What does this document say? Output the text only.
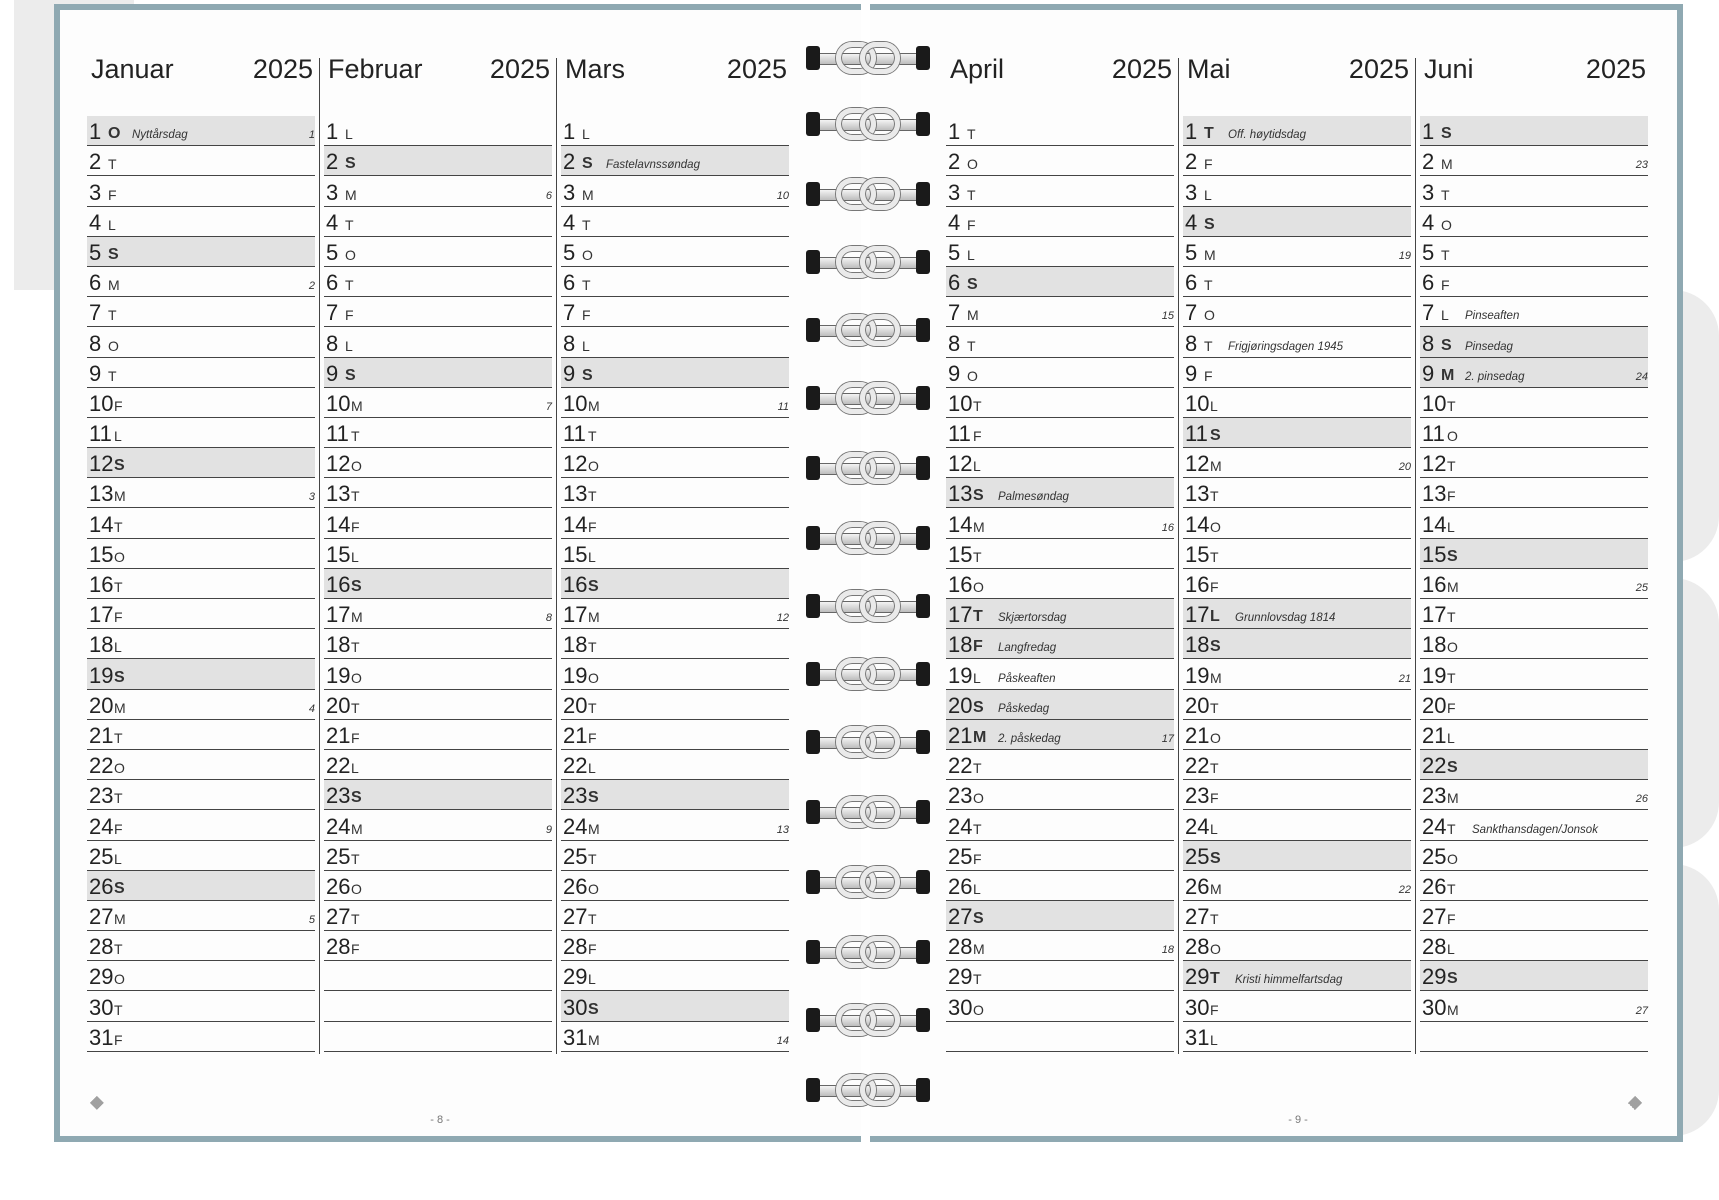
- 8 -	- 9 -
Januar	2025
1 O Nyttårsdag	1
2 T
3 F
4 L
5 S
6 M	2
7 T
8 O
9 T
10 F
11 L
12 S
13 M	3
14 T
15 O
16 T
17 F
18 L
19 S
20 M	4
21 T
22 O
23 T
24 F
25 L
26 S
27 M	5
28 T
29 O
30 T
31 F
Februar 2025
1 L
2 S
3 M	6
4 T
5 O
6 T
7 F
8 L
9 S
10 M	7
11 T
12 O
13 T
14 F
15 L
16 S
17 M	8
18 T
19 O
20 T
21 F
22 L
23 S
24 M	9
25 T
26 O
27 T
28 F
Mars	2025
1 L
2 S Fastelavnssøndag
3 M	10
4 T
5 O
6 T
7 F
8 L
9 S
10 M	11
11 T
12 O
13 T
14 F
15 L
16 S
17 M	12
18 T
19 O
20 T
21 F
22 L
23 S
24 M	13
25 T
26 O
27 T
28 F
29 L
30 S
31 M	14
April	2025
1 T
2 O
3 T
4 F
5 L
6 S
7 M	15
8 T
9 O
10 T
11 F
12 L
13 S Palmesøndag
14 M	16
15 T
16 O
17 T Skjærtorsdag
18 F Langfredag
19 L Påskeaften
20 S Påskedag
21 M 2. påskedag	17
22 T
23 O
24 T
25 F
26 L
27 S
28 M	18
29 T
30 O
Mai	2025
1 T Off. høytidsdag
2 F
3 L
4 S
5 M	19
6 T
7 O
8 T Frigjøringsdagen 1945
9 F
10 L
11 S
12 M	20
13 T
14 O
15 T
16 F
17 L Grunnlovsdag 1814
18 S
19 M	21
20 T
21 O
22 T
23 F
24 L
25 S
26 M	22
27 T
28 O
29 T Kristi himmelfartsdag
30 F
31 L
Juni	2025
1 S
2 M	23
3 T
4 O
5 T
6 F
7 L Pinseaften
8 S Pinsedag
9 M 2. pinsedag	24
10 T
11 O
12 T
13 F
14 L
15 S
16 M	25
17 T
18 O
19 T
20 F
21 L
22 S
23 M	26
24 T Sankthansdagen/Jonsok
25 O
26 T
27 F
28 L
29 S
30 M	27
